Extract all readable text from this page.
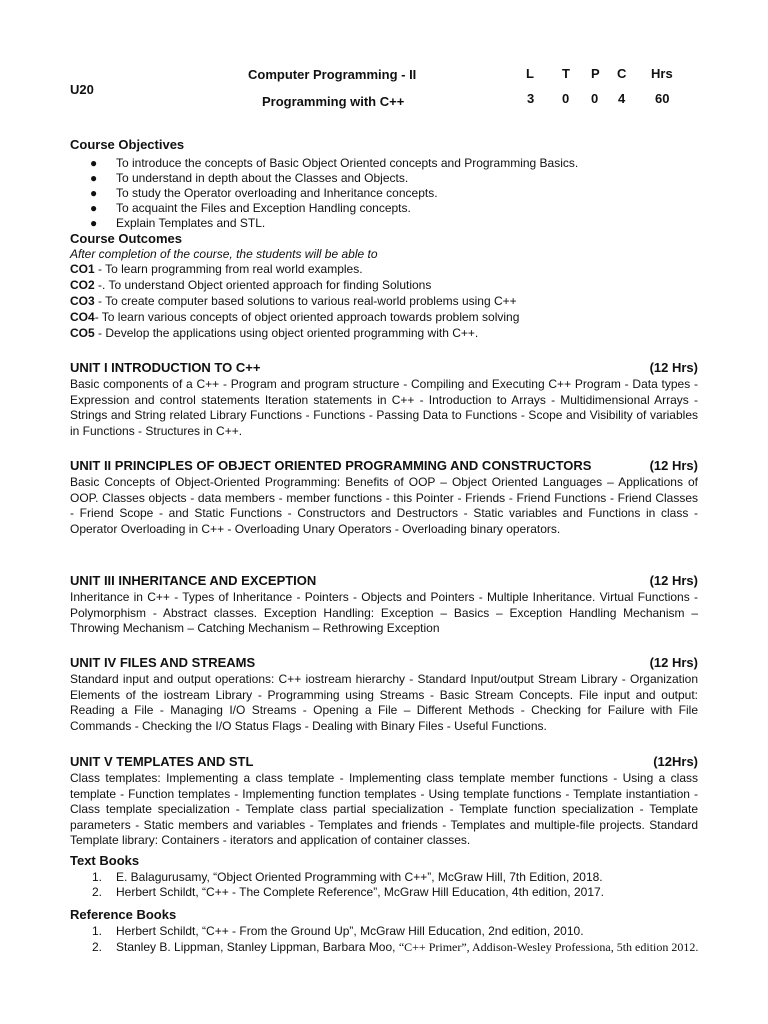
U20
Computer Programming - II
Programming with C++
L T P C Hrs
3 0 0 4 60
Course Objectives
● To introduce the concepts of Basic Object Oriented concepts and Programming Basics.
● To understand in depth about the Classes and Objects.
● To study the Operator overloading and Inheritance concepts.
● To acquaint the Files and Exception Handling concepts.
● Explain Templates and STL.
Course Outcomes
After completion of the course, the students will be able to
CO1 - To learn programming from real world examples.
CO2 -. To understand Object oriented approach for finding Solutions
CO3 - To create computer based solutions to various real-world problems using C++
CO4- To learn various concepts of object oriented approach towards problem solving
CO5 - Develop the applications using object oriented programming with C++.
UNIT I INTRODUCTION TO C++	(12 Hrs)
Basic components of a C++ - Program and program structure - Compiling and Executing C++ Program - Data types - Expression and control statements Iteration statements in C++ - Introduction to Arrays - Multidimensional Arrays - Strings and String related Library Functions - Functions - Passing Data to Functions - Scope and Visibility of variables in Functions - Structures in C++.
UNIT II PRINCIPLES OF OBJECT ORIENTED PROGRAMMING AND CONSTRUCTORS	(12 Hrs)
Basic Concepts of Object-Oriented Programming: Benefits of OOP – Object Oriented Languages – Applications of OOP. Classes objects - data members - member functions - this Pointer - Friends - Friend Functions - Friend Classes - Friend Scope - and Static Functions - Constructors and Destructors - Static variables and Functions in class - Operator Overloading in C++ - Overloading Unary Operators - Overloading binary operators.
UNIT III INHERITANCE AND EXCEPTION	(12 Hrs)
Inheritance in C++ - Types of Inheritance - Pointers - Objects and Pointers - Multiple Inheritance. Virtual Functions - Polymorphism - Abstract classes. Exception Handling: Exception – Basics – Exception Handling Mechanism – Throwing Mechanism – Catching Mechanism – Rethrowing Exception
UNIT IV FILES AND STREAMS	(12 Hrs)
Standard input and output operations: C++ iostream hierarchy - Standard Input/output Stream Library - Organization Elements of the iostream Library - Programming using Streams - Basic Stream Concepts. File input and output: Reading a File - Managing I/O Streams - Opening a File – Different Methods - Checking for Failure with File Commands - Checking the I/O Status Flags - Dealing with Binary Files - Useful Functions.
UNIT V TEMPLATES AND STL	(12Hrs)
Class templates: Implementing a class template - Implementing class template member functions - Using a class template - Function templates - Implementing function templates - Using template functions - Template instantiation - Class template specialization - Template class partial specialization - Template function specialization - Template parameters - Static members and variables - Templates and friends - Templates and multiple-file projects. Standard Template library: Containers - iterators and application of container classes.
Text Books
1. E. Balagurusamy, “Object Oriented Programming with C++”, McGraw Hill, 7th Edition, 2018.
2. Herbert Schildt, “C++ - The Complete Reference”, McGraw Hill Education, 4th edition, 2017.
Reference Books
1. Herbert Schildt, “C++ - From the Ground Up”, McGraw Hill Education, 2nd edition, 2010.
2. Stanley B. Lippman, Stanley Lippman, Barbara Moo, “C++ Primer”, Addison-Wesley Professiona, 5th edition 2012.
